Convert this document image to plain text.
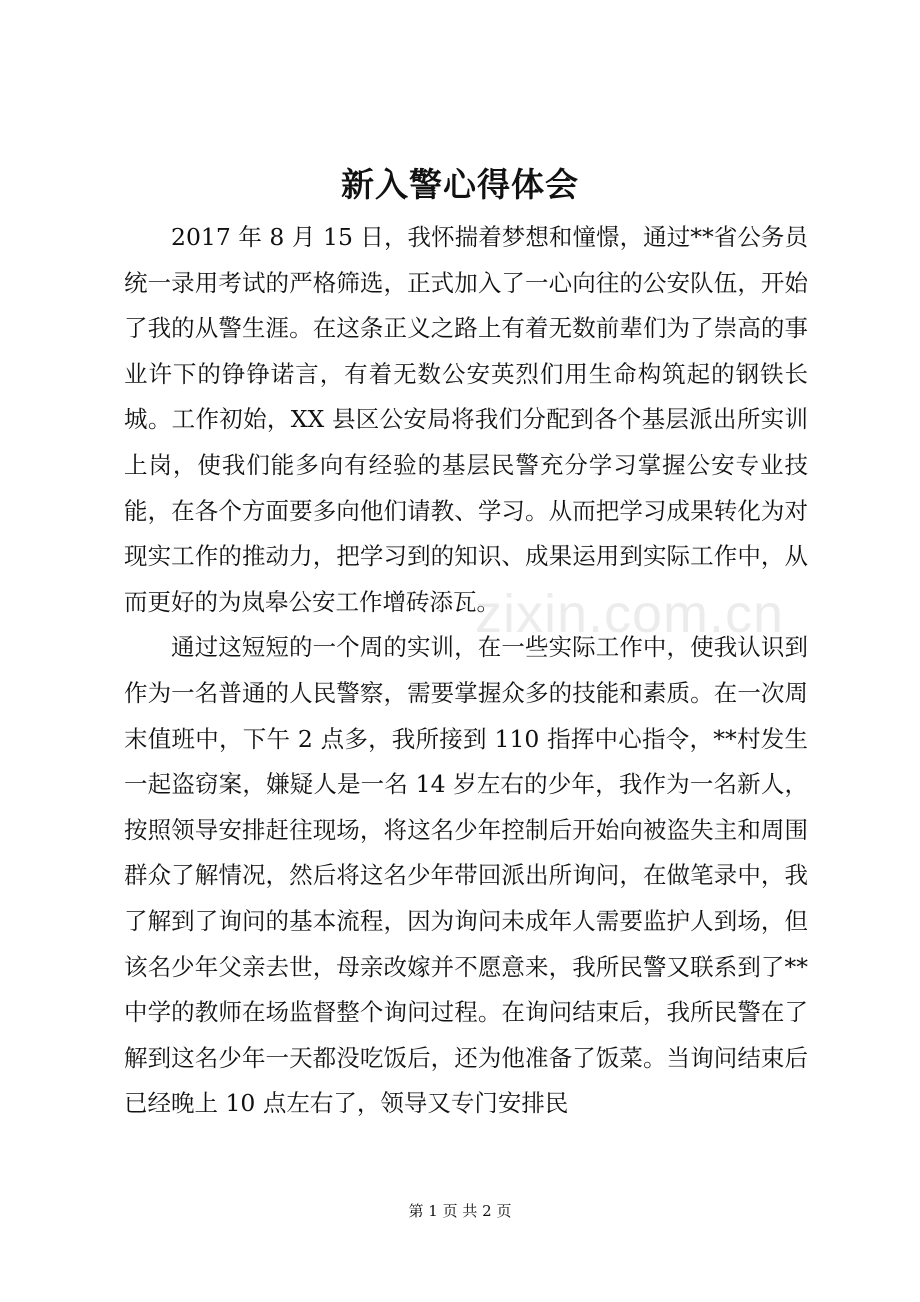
新入警心得体会

2017 年 8 月 15 日，我怀揣着梦想和憧憬，通过**省公务员统一录用考试的严格筛选，正式加入了一心向往的公安队伍，开始了我的从警生涯。在这条正义之路上有着无数前辈们为了崇高的事业许下的铮铮诺言，有着无数公安英烈们用生命构筑起的钢铁长城。工作初始，XX 县区公安局将我们分配到各个基层派出所实训上岗，使我们能多向有经验的基层民警充分学习掌握公安专业技能，在各个方面要多向他们请教、学习。从而把学习成果转化为对现实工作的推动力，把学习到的知识、成果运用到实际工作中，从而更好的为岚皋公安工作增砖添瓦。

通过这短短的一个周的实训，在一些实际工作中，使我认识到作为一名普通的人民警察，需要掌握众多的技能和素质。在一次周末值班中，下午 2 点多，我所接到 110 指挥中心指令，**村发生一起盗窃案，嫌疑人是一名 14 岁左右的少年，我作为一名新人，按照领导安排赶往现场，将这名少年控制后开始向被盗失主和周围群众了解情况，然后将这名少年带回派出所询问，在做笔录中，我了解到了询问的基本流程，因为询问未成年人需要监护人到场，但该名少年父亲去世，母亲改嫁并不愿意来，我所民警又联系到了**中学的教师在场监督整个询问过程。在询问结束后，我所民警在了解到这名少年一天都没吃饭后，还为他准备了饭菜。当询问结束后已经晚上 10 点左右了，领导又专门安排民

zixin.com.cn
第 1 页 共 2 页
